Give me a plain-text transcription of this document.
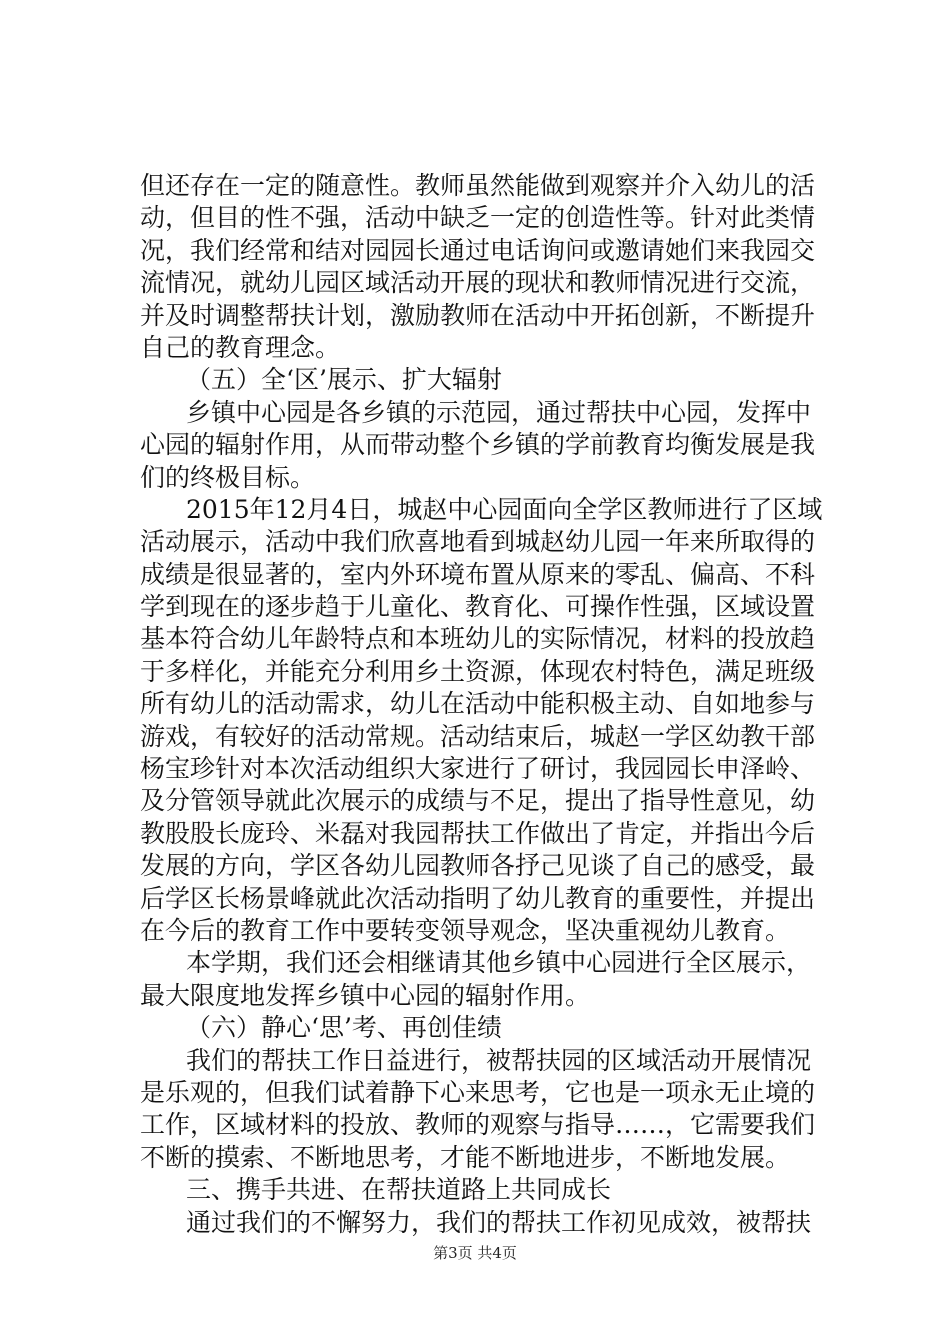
但还存在一定的随意性。教师虽然能做到观察并介入幼儿的活
动，但目的性不强，活动中缺乏一定的创造性等。针对此类情
况，我们经常和结对园园长通过电话询问或邀请她们来我园交
流情况，就幼儿园区域活动开展的现状和教师情况进行交流，
并及时调整帮扶计划，激励教师在活动中开拓创新，不断提升
自己的教育理念。
（五）全‘区’展示、扩大辐射
乡镇中心园是各乡镇的示范园，通过帮扶中心园，发挥中
心园的辐射作用，从而带动整个乡镇的学前教育均衡发展是我
们的终极目标。
2015年12月4日，城赵中心园面向全学区教师进行了区域
活动展示，活动中我们欣喜地看到城赵幼儿园一年来所取得的
成绩是很显著的，室内外环境布置从原来的零乱、偏高、不科
学到现在的逐步趋于儿童化、教育化、可操作性强，区域设置
基本符合幼儿年龄特点和本班幼儿的实际情况，材料的投放趋
于多样化，并能充分利用乡土资源，体现农村特色，满足班级
所有幼儿的活动需求，幼儿在活动中能积极主动、自如地参与
游戏，有较好的活动常规。活动结束后，城赵一学区幼教干部
杨宝珍针对本次活动组织大家进行了研讨，我园园长申泽岭、
及分管领导就此次展示的成绩与不足，提出了指导性意见，幼
教股股长庞玲、米磊对我园帮扶工作做出了肯定，并指出今后
发展的方向，学区各幼儿园教师各抒己见谈了自己的感受，最
后学区长杨景峰就此次活动指明了幼儿教育的重要性，并提出
在今后的教育工作中要转变领导观念，坚决重视幼儿教育。
本学期，我们还会相继请其他乡镇中心园进行全区展示，
最大限度地发挥乡镇中心园的辐射作用。
（六）静心‘思’考、再创佳绩
我们的帮扶工作日益进行，被帮扶园的区域活动开展情况
是乐观的，但我们试着静下心来思考，它也是一项永无止境的
工作，区域材料的投放、教师的观察与指导……，它需要我们
不断的摸索、不断地思考，才能不断地进步，不断地发展。
三、携手共进、在帮扶道路上共同成长
通过我们的不懈努力，我们的帮扶工作初见成效，被帮扶
第3页 共4页
